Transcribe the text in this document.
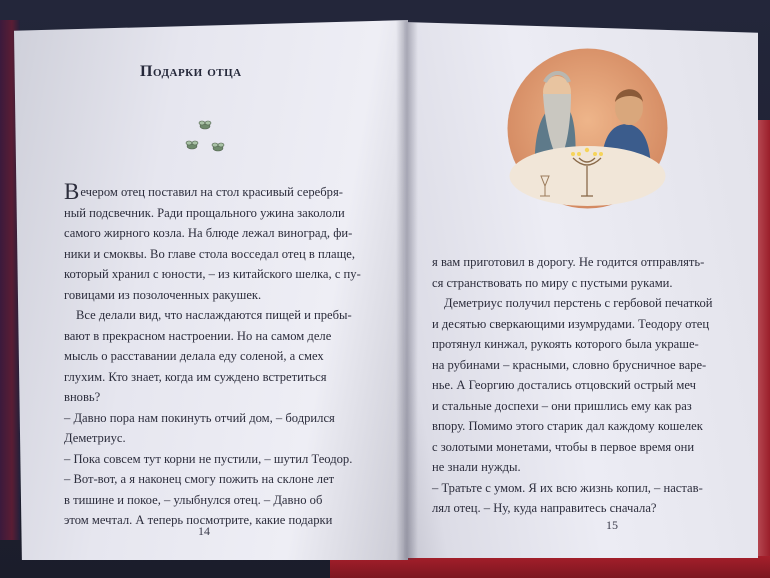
Подарки отца
Вечером отец поставил на стол красивый серебря-
ный подсвечник. Ради прощального ужина закололи
самого жирного козла. На блюде лежал виноград, фи-
ники и смоквы. Во главе стола восседал отец в плаще,
который хранил с юности, – из китайского шелка, с пу-
говицами из позолоченных ракушек.
Все делали вид, что наслаждаются пищей и пребы-
вают в прекрасном настроении. Но на самом деле
мысль о расставании делала еду соленой, а смех
глухим. Кто знает, когда им суждено встретиться
вновь?
– Давно пора нам покинуть отчий дом, – бодрился
Деметриус.
– Пока совсем тут корни не пустили, – шутил Теодор.
– Вот-вот, а я наконец смогу пожить на склоне лет
в тишине и покое, – улыбнулся отец. – Давно об
этом мечтал. А теперь посмотрите, какие подарки
14
я вам приготовил в дорогу. Не годится отправлять-
ся странствовать по миру с пустыми руками.
Деметриус получил перстень с гербовой печаткой
и десятью сверкающими изумрудами. Теодору отец
протянул кинжал, рукоять которого была украше-
на рубинами – красными, словно брусничное варе-
нье. А Георгию достались отцовский острый меч
и стальные доспехи – они пришлись ему как раз
впору. Помимо этого старик дал каждому кошелек
с золотыми монетами, чтобы в первое время они
не знали нужды.
– Тратьте с умом. Я их всю жизнь копил, – настав-
лял отец. – Ну, куда направитесь сначала?
15
